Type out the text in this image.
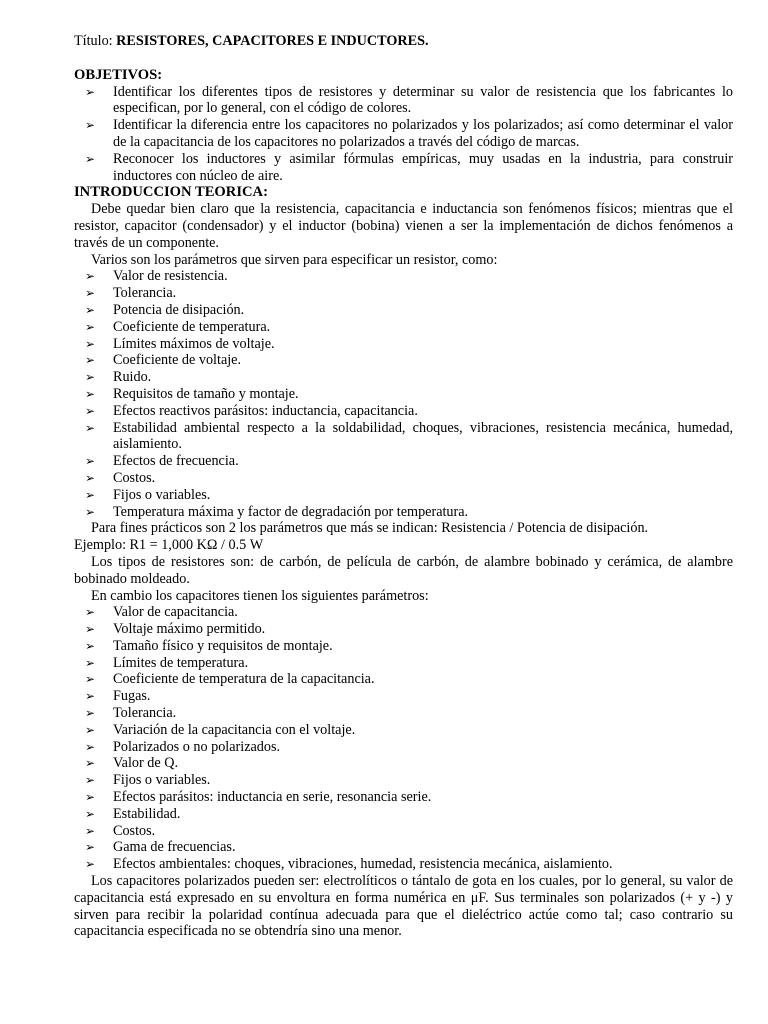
Título: RESISTORES, CAPACITORES E INDUCTORES.
OBJETIVOS:
➢ Identificar los diferentes tipos de resistores y determinar su valor de resistencia que los fabricantes lo especifican, por lo general, con el código de colores.
➢ Identificar la diferencia entre los capacitores no polarizados y los polarizados; así como determinar el valor de la capacitancia de los capacitores no polarizados a través del código de marcas.
➢ Reconocer los inductores y asimilar fórmulas empíricas, muy usadas en la industria, para construir inductores con núcleo de aire.
INTRODUCCION TEORICA:

Debe quedar bien claro que la resistencia, capacitancia e inductancia son fenómenos físicos; mientras que el resistor, capacitor (condensador) y el inductor (bobina) vienen a ser la implementación de dichos fenómenos a través de un componente.

Varios son los parámetros que sirven para especificar un resistor, como:

➢ Valor de resistencia.
➢ Tolerancia.
➢ Potencia de disipación.
➢ Coeficiente de temperatura.
➢ Límites máximos de voltaje.
➢ Coeficiente de voltaje.
➢ Ruido.
➢ Requisitos de tamaño y montaje.
➢ Efectos reactivos parásitos: inductancia, capacitancia.
➢ Estabilidad ambiental respecto a la soldabilidad, choques, vibraciones, resistencia mecánica, humedad, aislamiento.
➢ Efectos de frecuencia.
➢ Costos.
➢ Fijos o variables.
➢ Temperatura máxima y factor de degradación por temperatura.

Para fines prácticos son 2 los parámetros que más se indican: Resistencia / Potencia de disipación.

Ejemplo: R1 = 1,000 KΩ / 0.5 W

Los tipos de resistores son: de carbón, de película de carbón, de alambre bobinado y cerámica, de alambre bobinado moldeado.

En cambio los capacitores tienen los siguientes parámetros:

➢ Valor de capacitancia.
➢ Voltaje máximo permitido.
➢ Tamaño físico y requisitos de montaje.
➢ Límites de temperatura.
➢ Coeficiente de temperatura de la capacitancia.
➢ Fugas.
➢ Tolerancia.
➢ Variación de la capacitancia con el voltaje.
➢ Polarizados o no polarizados.
➢ Valor de Q.
➢ Fijos o variables.
➢ Efectos parásitos: inductancia en serie, resonancia serie.
➢ Estabilidad.
➢ Costos.
➢ Gama de frecuencias.
➢ Efectos ambientales: choques, vibraciones, humedad, resistencia mecánica, aislamiento.

Los capacitores polarizados pueden ser: electrolíticos o tántalo de gota en los cuales, por lo general, su valor de capacitancia está expresado en su envoltura en forma numérica en μF. Sus terminales son polarizados (+ y -) y sirven para recibir la polaridad contínua adecuada para que el dieléctrico actúe como tal; caso contrario su capacitancia especificada no se obtendría sino una menor.
